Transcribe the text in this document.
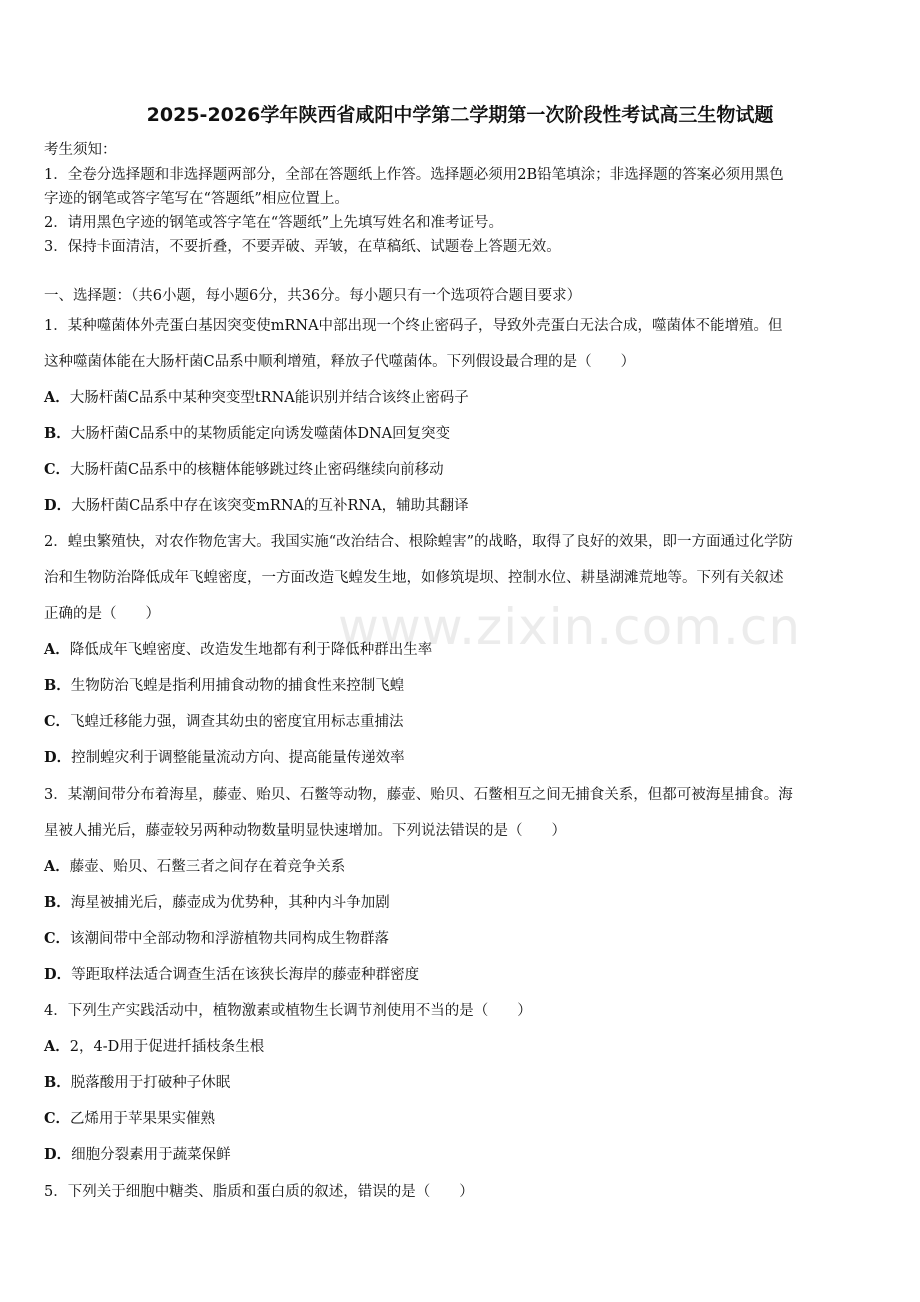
2025-2026学年陕西省咸阳中学第二学期第一次阶段性考试高三生物试题
考生须知：
1．全卷分选择题和非选择题两部分，全部在答题纸上作答。选择题必须用2B铅笔填涂；非选择题的答案必须用黑色
字迹的钢笔或答字笔写在“答题纸”相应位置上。
2．请用黑色字迹的钢笔或答字笔在“答题纸”上先填写姓名和准考证号。
3．保持卡面清洁，不要折叠，不要弄破、弄皱，在草稿纸、试题卷上答题无效。
一、选择题：（共6小题，每小题6分，共36分。每小题只有一个选项符合题目要求）
1．某种噬菌体外壳蛋白基因突变使mRNA中部出现一个终止密码子，导致外壳蛋白无法合成，噬菌体不能增殖。但
这种噬菌体能在大肠杆菌C品系中顺利增殖，释放子代噬菌体。下列假设最合理的是（　　）
A．大肠杆菌C品系中某种突变型tRNA能识别并结合该终止密码子
B．大肠杆菌C品系中的某物质能定向诱发噬菌体DNA回复突变
C．大肠杆菌C品系中的核糖体能够跳过终止密码继续向前移动
D．大肠杆菌C品系中存在该突变mRNA的互补RNA，辅助其翻译
2．蝗虫繁殖快，对农作物危害大。我国实施“改治结合、根除蝗害”的战略，取得了良好的效果，即一方面通过化学防
治和生物防治降低成年飞蝗密度，一方面改造飞蝗发生地，如修筑堤坝、控制水位、耕垦湖滩荒地等。下列有关叙述
正确的是（　　）
A．降低成年飞蝗密度、改造发生地都有利于降低种群出生率
B．生物防治飞蝗是指利用捕食动物的捕食性来控制飞蝗
C．飞蝗迁移能力强，调查其幼虫的密度宜用标志重捕法
D．控制蝗灾利于调整能量流动方向、提高能量传递效率
3．某潮间带分布着海星，藤壶、贻贝、石鳖等动物，藤壶、贻贝、石鳖相互之间无捕食关系，但都可被海星捕食。海
星被人捕光后，藤壶较另两种动物数量明显快速增加。下列说法错误的是（　　）
A．藤壶、贻贝、石鳖三者之间存在着竞争关系
B．海星被捕光后，藤壶成为优势种，其种内斗争加剧
C．该潮间带中全部动物和浮游植物共同构成生物群落
D．等距取样法适合调查生活在该狭长海岸的藤壶种群密度
4．下列生产实践活动中，植物激素或植物生长调节剂使用不当的是（　　）
A．2，4-D用于促进扦插枝条生根
B．脱落酸用于打破种子休眠
C．乙烯用于苹果果实催熟
D．细胞分裂素用于蔬菜保鲜
5．下列关于细胞中糖类、脂质和蛋白质的叙述，错误的是（　　）
www.zixin.com.cn
